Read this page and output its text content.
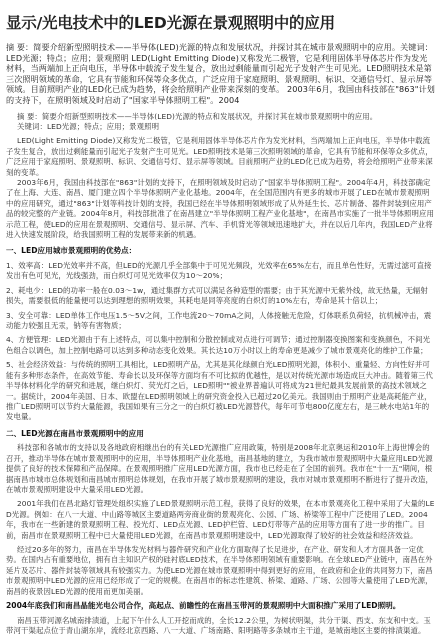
显示/光电技术中的LED光源在景观照明中的应用

摘 要：简要介绍新型照明技术——半导体(LED)光源的特点和发展状况，并探讨其在城市景观照明中的应用。关键词：LED光源；特点；应用；景观照明 LED(Light Emitting Diode)又称发光二极管，它是利用固体半导体芯片作为发光材料，当两端加上正向电压，半导体中载流子发生复合，放出过剩能量而引起光子发射产生可见光。LED照明技术是第三次照明领域的革命，它具有节能和环保等众多优点，广泛应用于家庭照明、景观照明、标识、交通信号灯、显示屏等领域。目前照明产业的LED化已成为趋势，将会给照明产业带来深刻的变革。 2003年6月，我国由科技部在"863"计划的支持下，在照明领域及时启动了"国家半导体照明工程"。2004

摘 要：简要介绍新型照明技术——半导体(LED)光源的特点和发展状况，并探讨其在城市景观照明中的应用。

关键词：LED光源；特点；应用；景观照明

LED(Light Emitting Diode)又称发光二极管，它是利用固体半导体芯片作为发光材料，当两端加上正向电压，半导体中载流子发生复合，放出过剩能量而引起光子发射产生可见光。LED照明技术是第三次照明领域的革命，它具有节能和环保等众多优点，广泛应用于家庭照明、景观照明、标识、交通信号灯、显示屏等领域。目前照明产业的LED化已成为趋势，将会给照明产业带来深刻的变革。

2003年6月，我国由科技部在"863"计划的支持下，在照明领域及时启动了"国家半导体照明工程"。2004年4月，科技部确定了在上海、大连、南昌、厦门建立四个半导体照明产业化基地。2004年，在全国范围内有更多的城市开展了LED在城市景观照明中的应用研究，通过"863"计划等科技计划的支持，我国已经在半导体照明领域形成了从外延生长、芯片制备、器件封装到应用产品的较完整的产业链。2004年8月，科技部批准了在南昌建立"半导体照明工程产业化基地"，在南昌市实施了一批半导体照明应用示范工程，使LED的应用在景观照明、交通信号、显示屏、汽车、手机背光等领域迅速地扩大，并在以后几年内，我国LED产业将进入快速发展阶段，给我国照明工程的发展带来新的机遇。

一、LED应用城市景观照明的优势点：

1、效率高：LED光效率并不高，但LED的光源几乎全部集中于可见光频段，光效率在65%左右，而且单色性好，无需过滤可直接发出有色可见光，光线强劲，而白炽灯可见光效率仅为10～20%；

2、耗电少：LED的功率一般在0.03～1w，通过集群方式可以满足各种造型的需要；由于其光源中无紫外线，故无热量，无辐射损失，需要很低的能量便可以达到理想的照明效果，其耗电是同等亮度的白炽灯的10%左右，寿命是其十倍以上；

3、安全可靠：LED单体工作电压1.5～5V之间，工作电流20～70mA之间，人体接触无危险，灯体联系负荷轻，抗机械冲击，震动能力较强且无汞，钠等有害物质；

4、方便管理：LED光源由于有上述特点，可以集中控制和分散控制或对点进行可调节；通过控制器变换图案和变换颜色，不间光色组合以调色，加上控制电路可以达到多种动态变化效果。其长达10万小时以上的寿命更是减少了城市景观亮化的维护工作量；

5、社会经济效益：与传统的照明工具相比，LED照明产品，尤其是其化绿颜白光LED照明光源，体积小、重量轻、方向性好并可能有多种形态条件，在高效节能、寿命长以及环保等方面均有不可比拟的优越性，是以对传统光源市场造成巨大冲击。随着第三代半导体材料化学的研究和进展，继白炽灯、荧光灯之后，LED照明""被业界普遍认可将成为21世纪最具发展前景的高技术领域之一。据统计，2004年美国、日本、欧盟在LED照明领域上的研究资金投入已超过20亿美元。我国则由于照明产业是高耗能产业，推广LED照明可以节约大量能源，我国如果有三分之一的白炽灯被LED光源替代，每年可节电800亿度左右，是三峡水电站1年的发电量。

二、LED光源在南昌市景观照明中的应用

科技部和各城市的支持以及各地政府相继出台的有关LED光源推广应用政策，特别是2008年北京奥运和2010年上海世博会的召开，推动半导体在城市景观照明中的应用，半导体照明产业化基地，南昌基地的建立，为我市城市景观照明中大量应用LED光源提供了良好的技术保障和产品保障。在景观照明推广应用LED光源方面，我市也已经走在了全国的前列。我市在"十一五"期间，根据南昌市城市总体规划和南昌城市照明总体规划，在我市开展了城市景观照明的建设，我市对城市景观照明不断进行了提升改造，在城市景观照明建设中大量采用LED光源。

2001年我们在昌北路灯管理处组织实施了LED景观照明示范工程，获得了良好的效果，在本市景观亮化工程中采用了大量的LED光源。例如：在八一大道、中山路等城区主要道路两旁商业街的景观亮化、公园、广场、桥梁等工程中广泛使用了LED。2004年，我市在一些新建的景观照明工程、投光灯、LED点光源、LED护栏管、LED灯带等产品的应用等方面有了进一步的推广。目前，南昌市在景观照明工程中已大量使用LED光源，在南昌市景观照明建设中，LED光源取得了较好的社会效益和经济效益。

经过20多年的努力，南昌在半导体发光材料与器件研究和产业化方面取得了长足进步，在产业、研发和人才方面具备一定优势。在国内占有重要地位，拥有自主知识产权的硅衬底LED技术，在半导体照明领域有重要影响。在全球LED产业链中，南昌在外延片及芯片、器件封装等领域具有较强实力。为使LED光源在城市景观照明中得到更好的应用，在政府和企业的共同努力下，南昌市景观照明中LED光源的应用已经形成了一定的规模。在南昌市的标志性建筑、桥梁、道路、广场、公园等大量使用了LED光源，南昌的夜景因LED光源的使用而更加美丽。

2004年底我们和南昌晶能光电公司合作，高起点、前瞻性的在南昌玉带河的景观照明中大面积推广采用了LED照明。

南昌玉带河源名城南排渍道，上起下午什么人工开挖而成的，全长12.2公里，为树状明渠，共分干渠、西支、东支和中支。玉带河干渠起点位于青山湖东岸，流经北京西路、八一大道、广场南路、阳明路等多条城市主干道，是城南地区主要的排渍渠道。
